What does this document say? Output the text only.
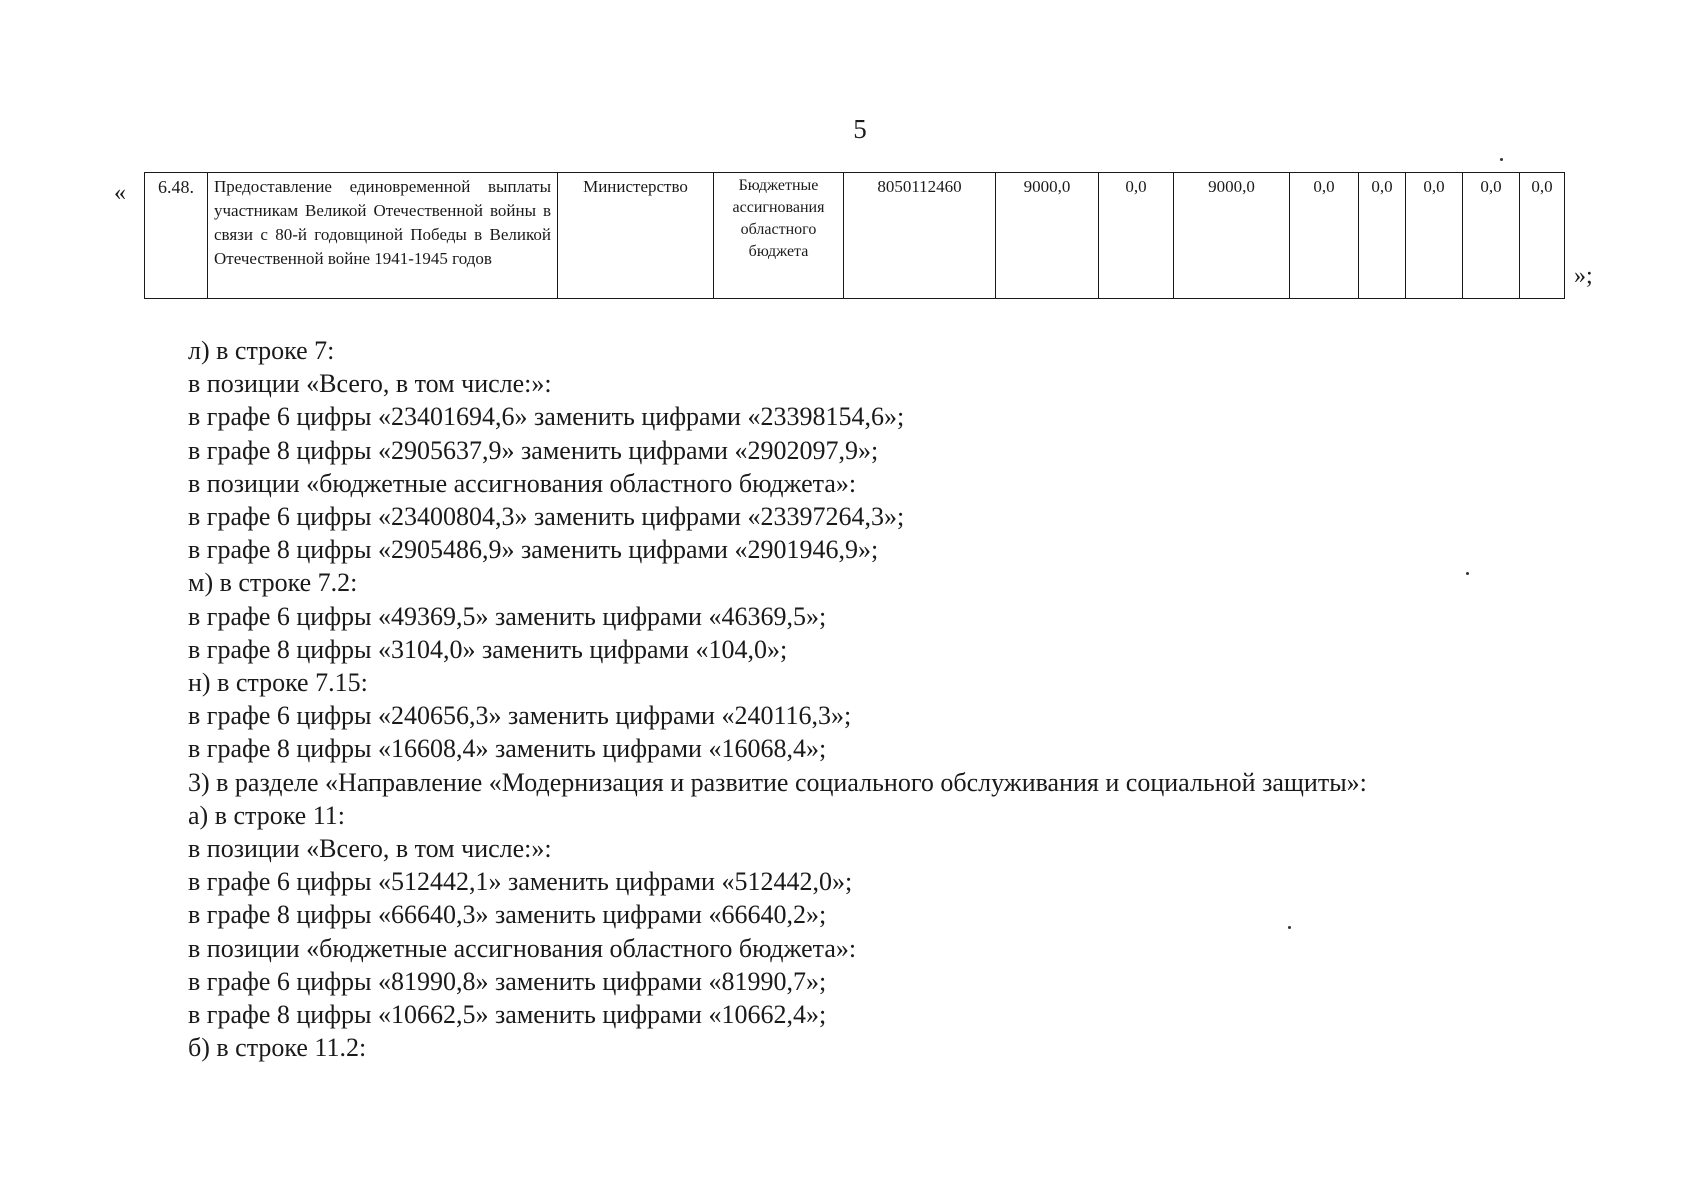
5
« 6.48.	Предоставление единовременной выплаты участникам Великой Отечественной войны в связи с 80-й годовщиной Победы в Великой
Отечественной войне 1941-1945 годов
	Министерство	Бюджетные ассигнования областного бюджета	8050112460	9000,0	0,0	9000,0	0,0	0,0	0,0	0,0	0,0
»;
л) в строке 7:
в позиции «Всего, в том числе:»:
в графе 6 цифры «23401694,6» заменить цифрами «23398154,6»;
в графе 8 цифры «2905637,9» заменить цифрами «2902097,9»;
в позиции «бюджетные ассигнования областного бюджета»:
в графе 6 цифры «23400804,3» заменить цифрами «23397264,3»;
в графе 8 цифры «2905486,9» заменить цифрами «2901946,9»;
м) в строке 7.2:
в графе 6 цифры «49369,5» заменить цифрами «46369,5»;
в графе 8 цифры «3104,0» заменить цифрами «104,0»;
н) в строке 7.15:
в графе 6 цифры «240656,3» заменить цифрами «240116,3»;
в графе 8 цифры «16608,4» заменить цифрами «16068,4»;
3) в разделе «Направление «Модернизация и развитие социального обслуживания и социальной защиты»:
а) в строке 11:
в позиции «Всего, в том числе:»:
в графе 6 цифры «512442,1» заменить цифрами «512442,0»;
в графе 8 цифры «66640,3» заменить цифрами «66640,2»;
в позиции «бюджетные ассигнования областного бюджета»:
в графе 6 цифры «81990,8» заменить цифрами «81990,7»;
в графе 8 цифры «10662,5» заменить цифрами «10662,4»;
б) в строке 11.2:
